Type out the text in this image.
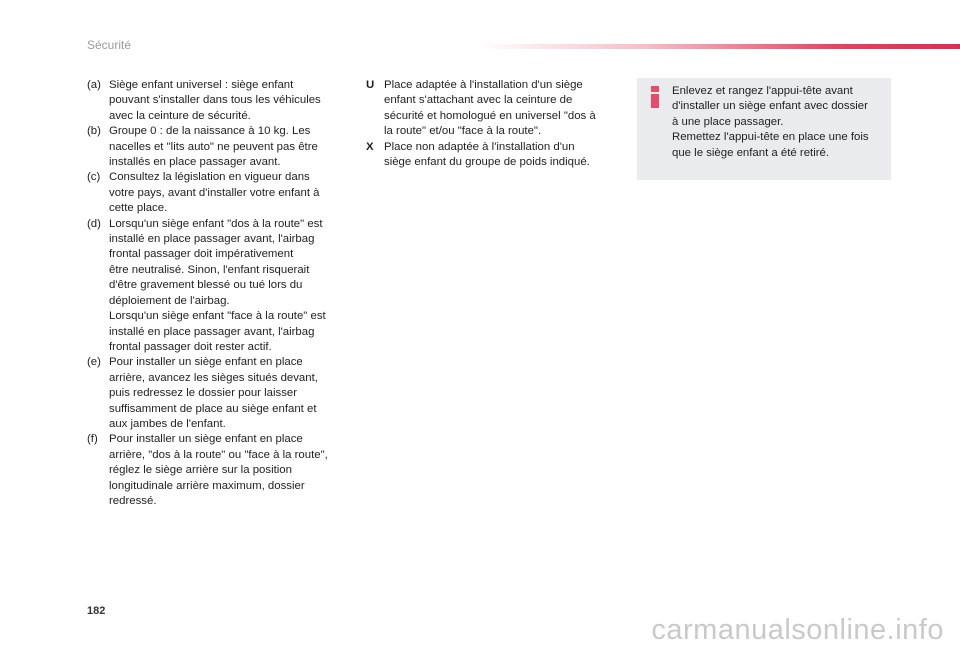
Sécurité
(a) Siège enfant universel : siège enfant
pouvant s'installer dans tous les véhicules
avec la ceinture de sécurité.
(b) Groupe 0 : de la naissance à 10 kg. Les
nacelles et "lits auto" ne peuvent pas être
installés en place passager avant.
(c) Consultez la législation en vigueur dans
votre pays, avant d'installer votre enfant à
cette place.
(d) Lorsqu'un siège enfant "dos à la route" est
installé en place passager avant, l'airbag
frontal passager doit impérativement
être neutralisé. Sinon, l'enfant risquerait
d'être gravement blessé ou tué lors du
déploiement de l'airbag.
Lorsqu'un siège enfant "face à la route" est
installé en place passager avant, l'airbag
frontal passager doit rester actif.
(e) Pour installer un siège enfant en place
arrière, avancez les sièges situés devant,
puis redressez le dossier pour laisser
suffisamment de place au siège enfant et
aux jambes de l'enfant.
(f) Pour installer un siège enfant en place
arrière, "dos à la route" ou "face à la route",
réglez le siège arrière sur la position
longitudinale arrière maximum, dossier
redressé.
U Place adaptée à l'installation d'un siège
enfant s'attachant avec la ceinture de
sécurité et homologué en universel "dos à
la route" et/ou "face à la route".
X Place non adaptée à l'installation d'un
siège enfant du groupe de poids indiqué.
Enlevez et rangez l'appui-tête avant
d'installer un siège enfant avec dossier
à une place passager.
Remettez l'appui-tête en place une fois
que le siège enfant a été retiré.
182
carmanualsonline.info
